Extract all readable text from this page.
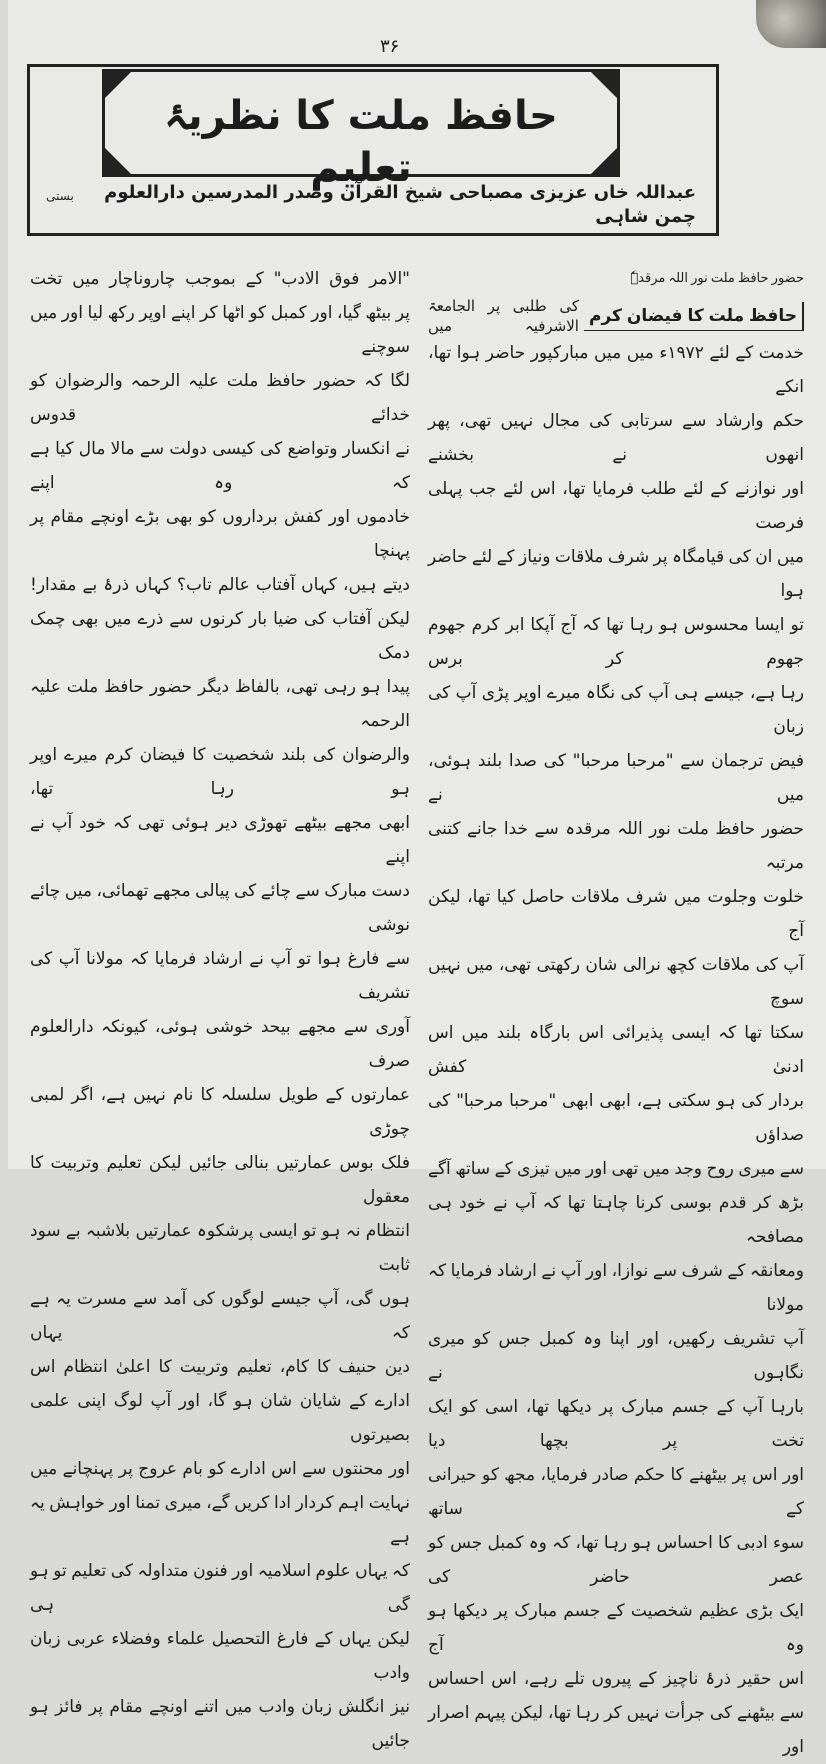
۳۶
حافظ ملت کا نظریۂ تعلیم
بستی	عبداللہ خاں عزیزی مصباحی شیخ القرآن وصدر المدرسین دارالعلوم چمن شاہی
حضور حافظ ملت نور اللہ مرقدہٗ
حافظ ملت کا فیضان کرم
کی طلبی پر الجامعۃ الاشرفیہ میں
خدمت کے لئے ۱۹۷۲ء میں میں مبارکپور حاضر ہوا تھا، انکے
حکم وارشاد سے سرتابی کی مجال نہیں تھی، پھر انھوں نے بخشنے
اور نوازنے کے لئے طلب فرمایا تھا، اس لئے جب پہلی فرصت
میں ان کی قیامگاہ پر شرف ملاقات ونیاز کے لئے حاضر ہوا
تو ایسا محسوس ہو رہا تھا کہ آج آپکا ابر کرم جھوم جھوم کر برس
رہا ہے، جیسے ہی آپ کی نگاہ میرے اوپر پڑی آپ کی زبان
فیض ترجمان سے "مرحبا مرحبا" کی صدا بلند ہوئی، میں نے
حضور حافظ ملت نور اللہ مرقدہ سے خدا جانے کتنی مرتبہ
خلوت وجلوت میں شرف ملاقات حاصل کیا تھا، لیکن آج
آپ کی ملاقات کچھ نرالی شان رکھتی تھی، میں نہیں سوچ
سکتا تھا کہ ایسی پذیرائی اس بارگاہ بلند میں اس ادنیٰ کفش
بردار کی ہو سکتی ہے، ابھی ابھی "مرحبا مرحبا" کی صداؤں
سے میری روح وجد میں تھی اور میں تیزی کے ساتھ آگے
بڑھ کر قدم بوسی کرنا چاہتا تھا کہ آپ نے خود ہی مصافحہ
ومعانقہ کے شرف سے نوازا، اور آپ نے ارشاد فرمایا کہ مولانا
آپ تشریف رکھیں، اور اپنا وہ کمبل جس کو میری نگاہوں نے
بارہا آپ کے جسم مبارک پر دیکھا تھا، اسی کو ایک تخت پر بچھا دیا
اور اس پر بیٹھنے کا حکم صادر فرمایا، مجھ کو حیرانی کے ساتھ
سوء ادبی کا احساس ہو رہا تھا، کہ وہ کمبل جس کو عصر حاضر کی
ایک بڑی عظیم شخصیت کے جسم مبارک پر دیکھا ہو وہ آج
اس حقیر ذرۂ ناچیز کے پیروں تلے رہے، اس احساس
سے بیٹھنے کی جرأت نہیں کر رہا تھا، لیکن پیہم اصرار اور
"الامر فوق الادب" کے بموجب چاروناچار میں تخت
پر بیٹھ گیا، اور کمبل کو اٹھا کر اپنے اوپر رکھ لیا اور میں سوچنے
لگا کہ حضور حافظ ملت علیہ الرحمہ والرضوان کو خدائے قدوس
نے انکسار وتواضع کی کیسی دولت سے مالا مال کیا ہے کہ وہ اپنے
خادموں اور کفش برداروں کو بھی بڑے اونچے مقام پر پہنچا
دیتے ہیں، کہاں آفتاب عالم تاب؟ کہاں ذرۂ بے مقدار!
لیکن آفتاب کی ضیا بار کرنوں سے ذرے میں بھی چمک دمک
پیدا ہو رہی تھی، بالفاظ دیگر حضور حافظ ملت علیہ الرحمہ
والرضوان کی بلند شخصیت کا فیضان کرم میرے اوپر ہو رہا تھا،
ابھی مجھے بیٹھے تھوڑی دیر ہوئی تھی کہ خود آپ نے اپنے
دست مبارک سے چائے کی پیالی مجھے تھمائی، میں چائے نوشی
سے فارغ ہوا تو آپ نے ارشاد فرمایا کہ مولانا آپ کی تشریف
آوری سے مجھے بیحد خوشی ہوئی، کیونکہ دارالعلوم صرف
عمارتوں کے طویل سلسلہ کا نام نہیں ہے، اگر لمبی چوڑی
فلک بوس عمارتیں بنالی جائیں لیکن تعلیم وتربیت کا معقول
انتظام نہ ہو تو ایسی پرشکوہ عمارتیں بلاشبہ بے سود ثابت
ہوں گی، آپ جیسے لوگوں کی آمد سے مسرت یہ ہے کہ یہاں
دین حنیف کا کام، تعلیم وتربیت کا اعلیٰ انتظام اس
ادارے کے شایان شان ہو گا، اور آپ لوگ اپنی علمی بصیرتوں
اور محنتوں سے اس ادارے کو بام عروج پر پہنچانے میں
نہایت اہم کردار ادا کریں گے، میری تمنا اور خواہش یہ ہے
کہ یہاں علوم اسلامیہ اور فنون متداولہ کی تعلیم تو ہو گی ہی
لیکن یہاں کے فارغ التحصیل علماء وفضلاء عربی زبان وادب
نیز انگلش زبان وادب میں اتنے اونچے مقام پر فائز ہو جائیں
